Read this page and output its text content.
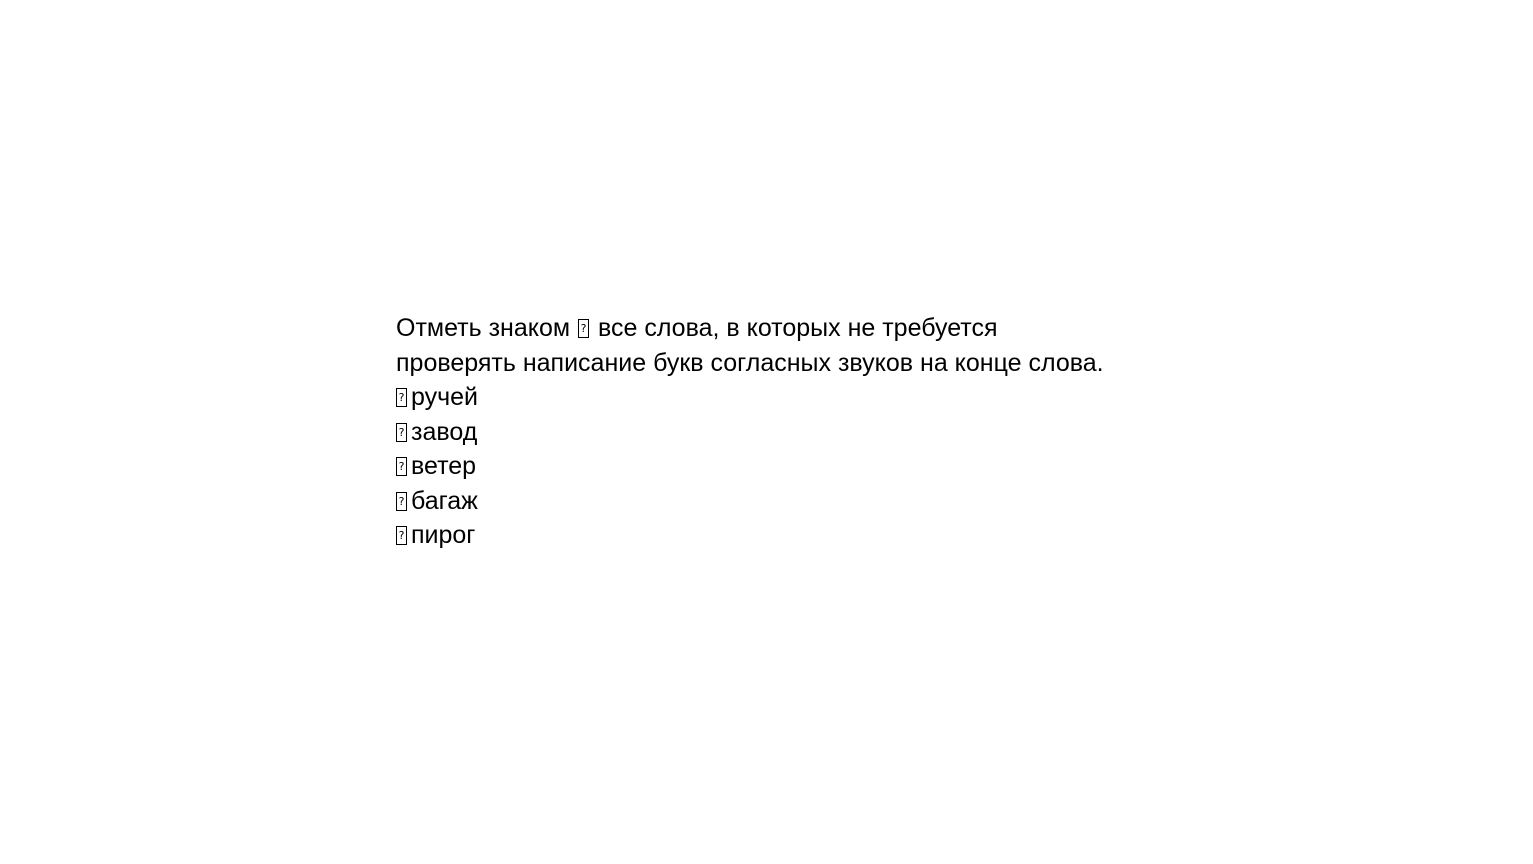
Отметь знаком ? все слова, в которых не требуется
проверять написание букв согласных звуков на конце слова.
?ручей
?завод
?ветер
?багаж
?пирог
